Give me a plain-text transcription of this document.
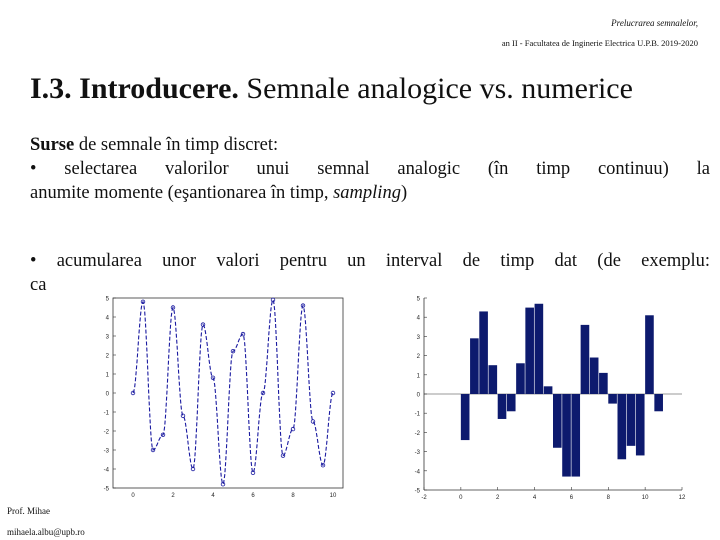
Prelucrarea semnalelor,
an II - Facultatea de Inginerie Electrica U.P.B. 2019-2020
I.3. Introducere. Semnale analogice vs. numerice
Surse de semnale în timp discret:
• selectarea valorilor unui semnal analogic (în timp continuu) la
anumite momente (eşantionarea în timp, sampling)
• acumularea unor valori pentru un interval de timp dat (de exemplu:
ca
5
4
3
2
1
0
-1
-2
-3
-4
-5
0	2	4	6	8	10
5
4
3
2
1
0
-1
-2
-3
-4
-5
-2	0	2	4	6	8	10	12
Prof. Mihae
mihaela.albu@upb.ro
